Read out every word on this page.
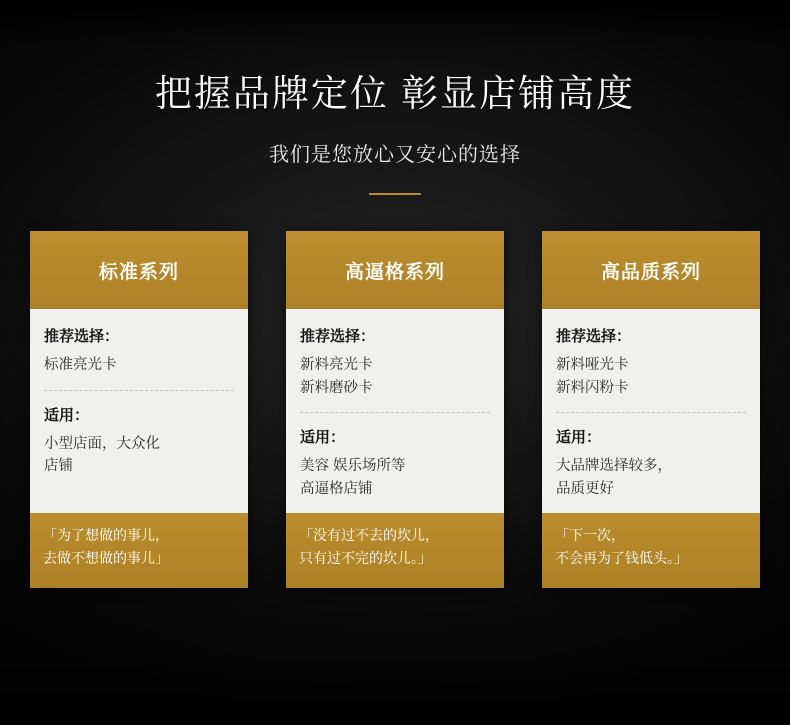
把握品牌定位 彰显店铺高度

我们是您放心又安心的选择

标准系列
推荐选择：
标准亮光卡
适用：
小型店面，大众化
店铺
「为了想做的事儿，
去做不想做的事儿」
高逼格系列
推荐选择：
新料亮光卡
新料磨砂卡
适用：
美容 娱乐场所等
高逼格店铺
「没有过不去的坎儿，
只有过不完的坎儿。」
高品质系列
推荐选择：
新料哑光卡
新料闪粉卡
适用：
大品牌选择较多，
品质更好
「下一次，
不会再为了钱低头。」
